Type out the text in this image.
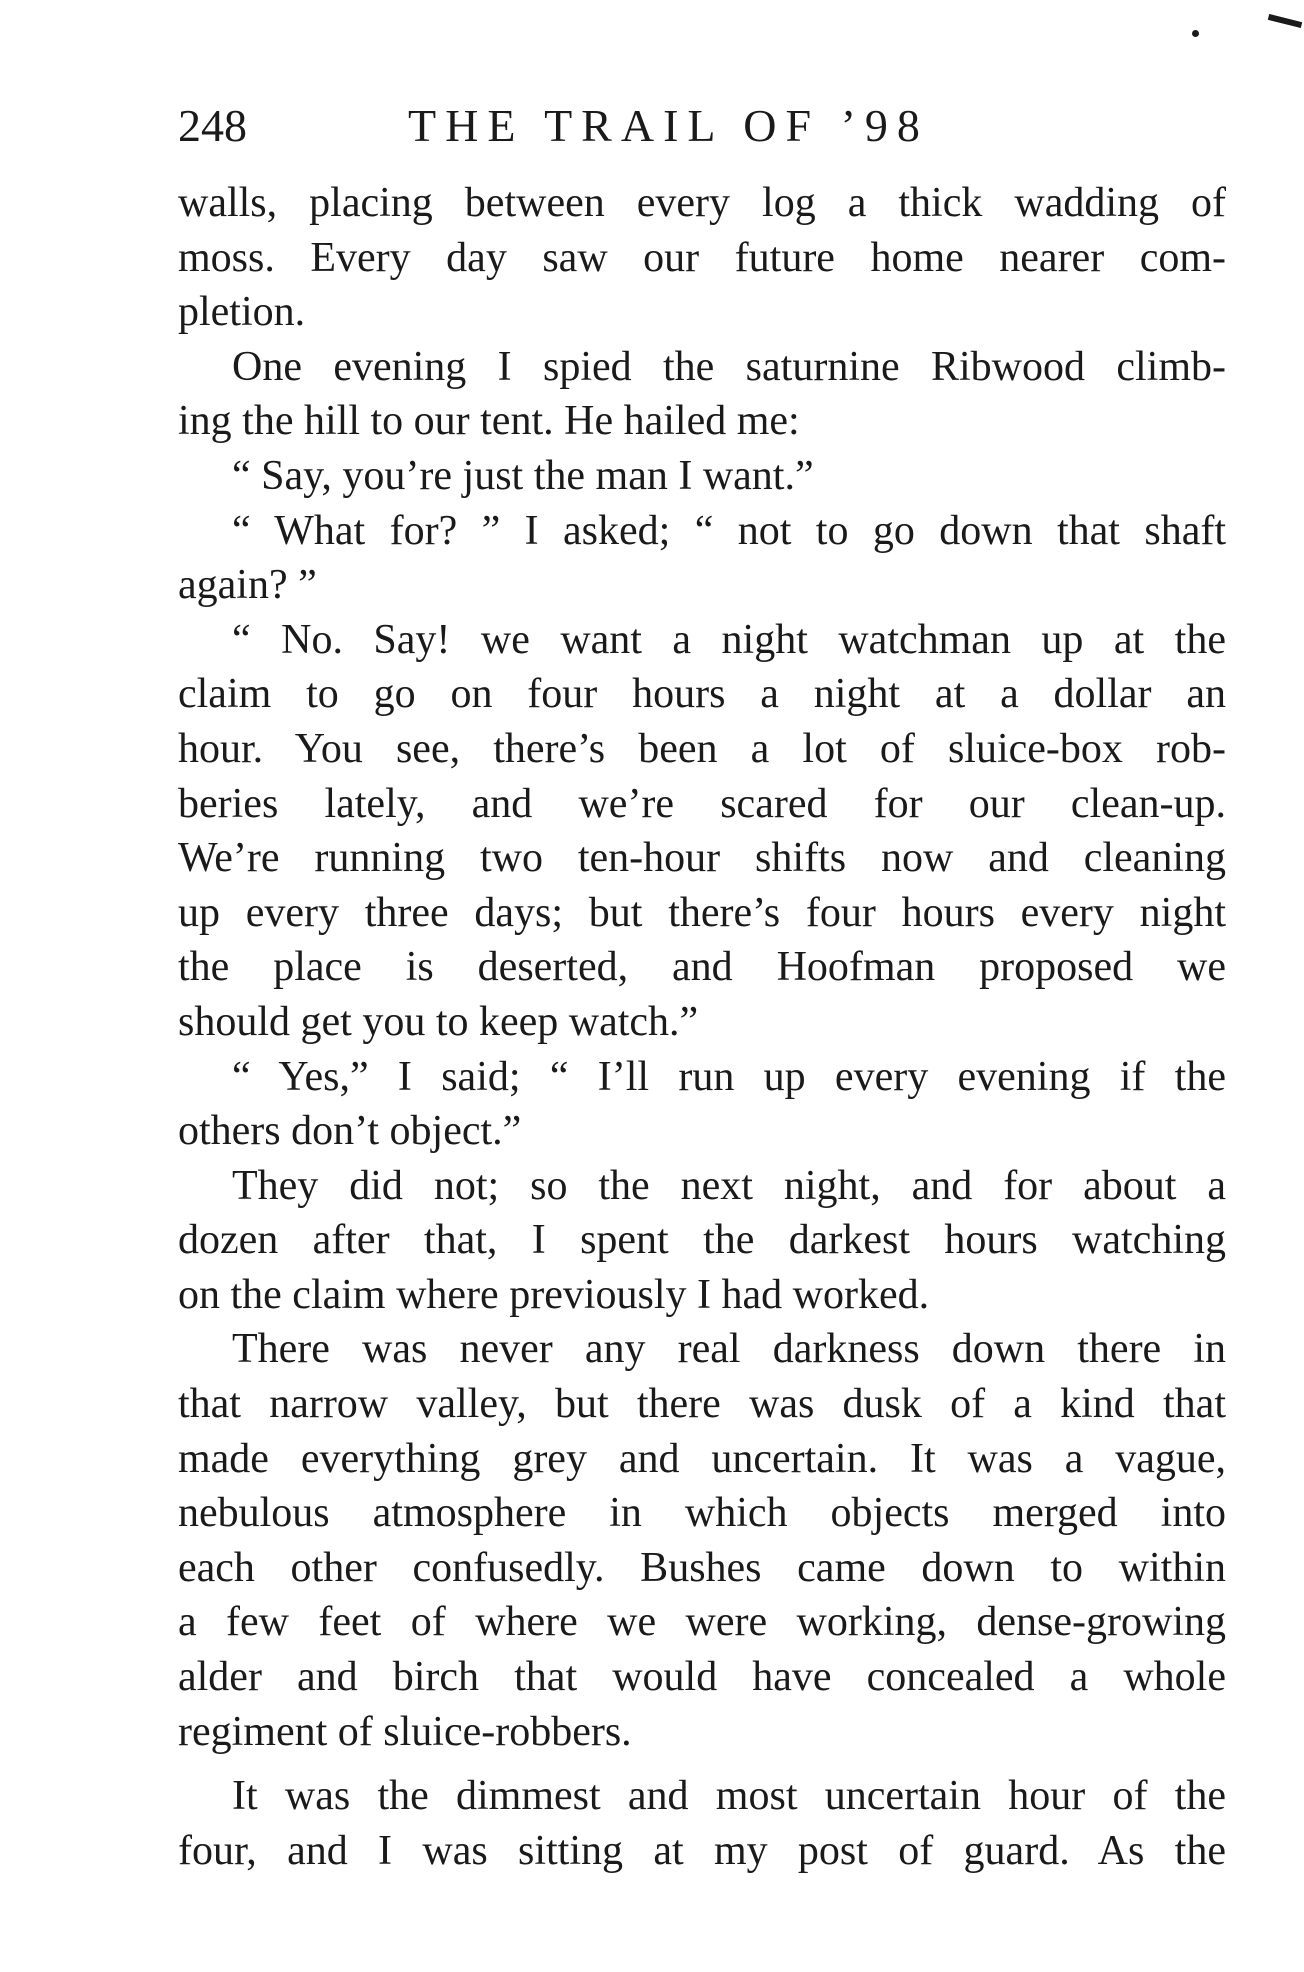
248	THE TRAIL OF ’98
walls, placing between every log a thick wadding of
moss. Every day saw our future home nearer com-
pletion.
One evening I spied the saturnine Ribwood climb-
ing the hill to our tent. He hailed me:
“ Say, you’re just the man I want.”
“ What for? ” I asked; “ not to go down that shaft
again? ”
“ No. Say! we want a night watchman up at the
claim to go on four hours a night at a dollar an
hour. You see, there’s been a lot of sluice-box rob-
beries lately, and we’re scared for our clean-up.
We’re running two ten-hour shifts now and cleaning
up every three days; but there’s four hours every night
the place is deserted, and Hoofman proposed we
should get you to keep watch.”
“ Yes,” I said; “ I’ll run up every evening if the
others don’t object.”
They did not; so the next night, and for about a
dozen after that, I spent the darkest hours watching
on the claim where previously I had worked.
There was never any real darkness down there in
that narrow valley, but there was dusk of a kind that
made everything grey and uncertain. It was a vague,
nebulous atmosphere in which objects merged into
each other confusedly. Bushes came down to within
a few feet of where we were working, dense-growing
alder and birch that would have concealed a whole
regiment of sluice-robbers.
It was the dimmest and most uncertain hour of the
four, and I was sitting at my post of guard. As the
